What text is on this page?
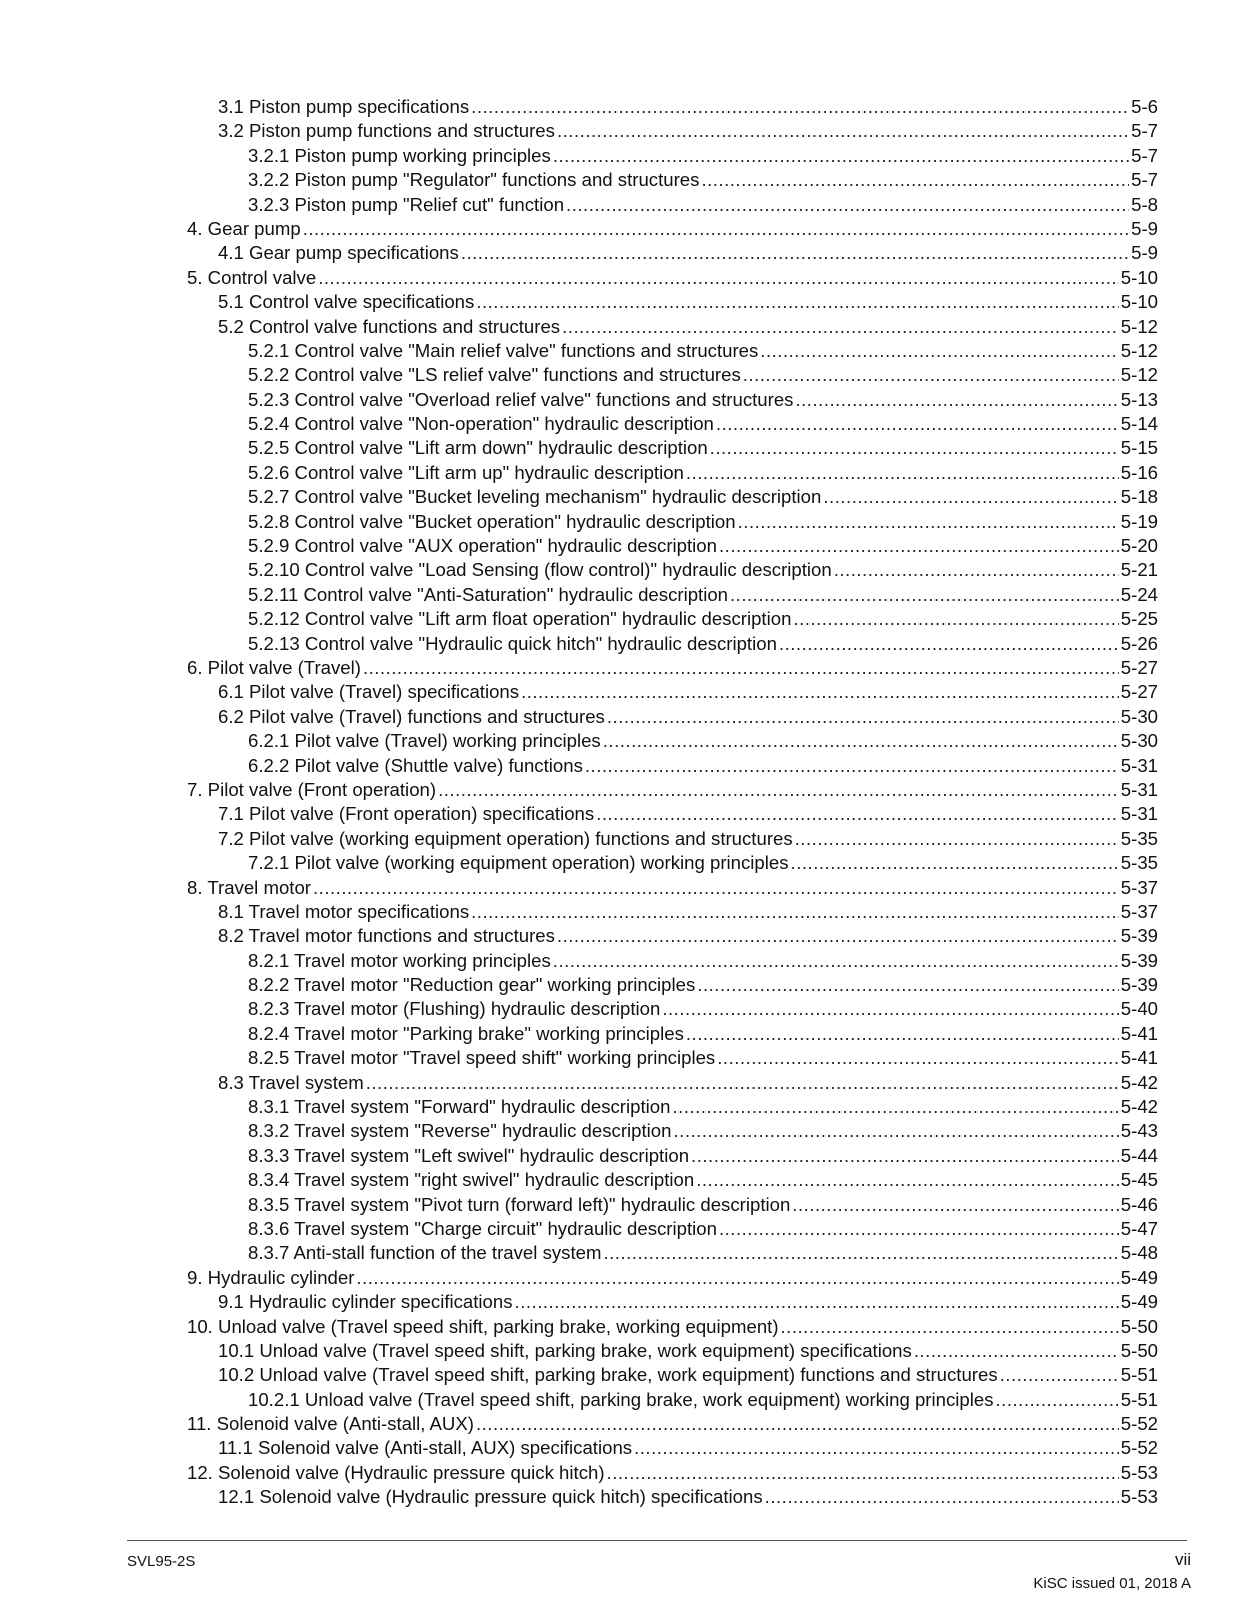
3.1 Piston pump specifications .....	5-6
3.2 Piston pump functions and structures .....	5-7
3.2.1 Piston pump working principles .....	5-7
3.2.2 Piston pump "Regulator" functions and structures .....	5-7
3.2.3 Piston pump "Relief cut" function .....	5-8
4. Gear pump .....	5-9
4.1 Gear pump specifications .....	5-9
5. Control valve .....	5-10
5.1 Control valve specifications .....	5-10
5.2 Control valve functions and structures .....	5-12
5.2.1 Control valve "Main relief valve" functions and structures .....	5-12
5.2.2 Control valve "LS relief valve" functions and structures .....	5-12
5.2.3 Control valve "Overload relief valve" functions and structures .....	5-13
5.2.4 Control valve "Non-operation" hydraulic description .....	5-14
5.2.5 Control valve "Lift arm down" hydraulic description .....	5-15
5.2.6 Control valve "Lift arm up" hydraulic description .....	5-16
5.2.7 Control valve "Bucket leveling mechanism" hydraulic description .....	5-18
5.2.8 Control valve "Bucket operation" hydraulic description .....	5-19
5.2.9 Control valve "AUX operation" hydraulic description .....	5-20
5.2.10 Control valve "Load Sensing (flow control)" hydraulic description .....	5-21
5.2.11 Control valve "Anti-Saturation" hydraulic description .....	5-24
5.2.12 Control valve "Lift arm float operation" hydraulic description .....	5-25
5.2.13 Control valve "Hydraulic quick hitch" hydraulic description .....	5-26
6. Pilot valve (Travel) .....	5-27
6.1 Pilot valve (Travel) specifications .....	5-27
6.2 Pilot valve (Travel) functions and structures .....	5-30
6.2.1 Pilot valve (Travel) working principles .....	5-30
6.2.2 Pilot valve (Shuttle valve) functions .....	5-31
7. Pilot valve (Front operation) .....	5-31
7.1 Pilot valve (Front operation) specifications .....	5-31
7.2 Pilot valve (working equipment operation) functions and structures .....	5-35
7.2.1 Pilot valve (working equipment operation) working principles .....	5-35
8. Travel motor .....	5-37
8.1 Travel motor specifications .....	5-37
8.2 Travel motor functions and structures .....	5-39
8.2.1 Travel motor working principles .....	5-39
8.2.2 Travel motor "Reduction gear" working principles .....	5-39
8.2.3 Travel motor (Flushing) hydraulic description .....	5-40
8.2.4 Travel motor "Parking brake" working principles .....	5-41
8.2.5 Travel motor "Travel speed shift" working principles .....	5-41
8.3 Travel system .....	5-42
8.3.1 Travel system "Forward" hydraulic description .....	5-42
8.3.2 Travel system "Reverse" hydraulic description .....	5-43
8.3.3 Travel system "Left swivel" hydraulic description .....	5-44
8.3.4 Travel system "right swivel" hydraulic description .....	5-45
8.3.5 Travel system "Pivot turn (forward left)" hydraulic description .....	5-46
8.3.6 Travel system "Charge circuit" hydraulic description .....	5-47
8.3.7 Anti-stall function of the travel system .....	5-48
9. Hydraulic cylinder .....	5-49
9.1 Hydraulic cylinder specifications .....	5-49
10. Unload valve (Travel speed shift, parking brake, working equipment) .....	5-50
10.1 Unload valve (Travel speed shift, parking brake, work equipment) specifications .....	5-50
10.2 Unload valve (Travel speed shift, parking brake, work equipment) functions and structures .....	5-51
10.2.1 Unload valve (Travel speed shift, parking brake, work equipment) working principles .....	5-51
11. Solenoid valve (Anti-stall, AUX) .....	5-52
11.1 Solenoid valve (Anti-stall, AUX) specifications .....	5-52
12. Solenoid valve (Hydraulic pressure quick hitch) .....	5-53
12.1 Solenoid valve (Hydraulic pressure quick hitch) specifications .....	5-53
SVL95-2S	vii
KiSC issued 01, 2018 A
